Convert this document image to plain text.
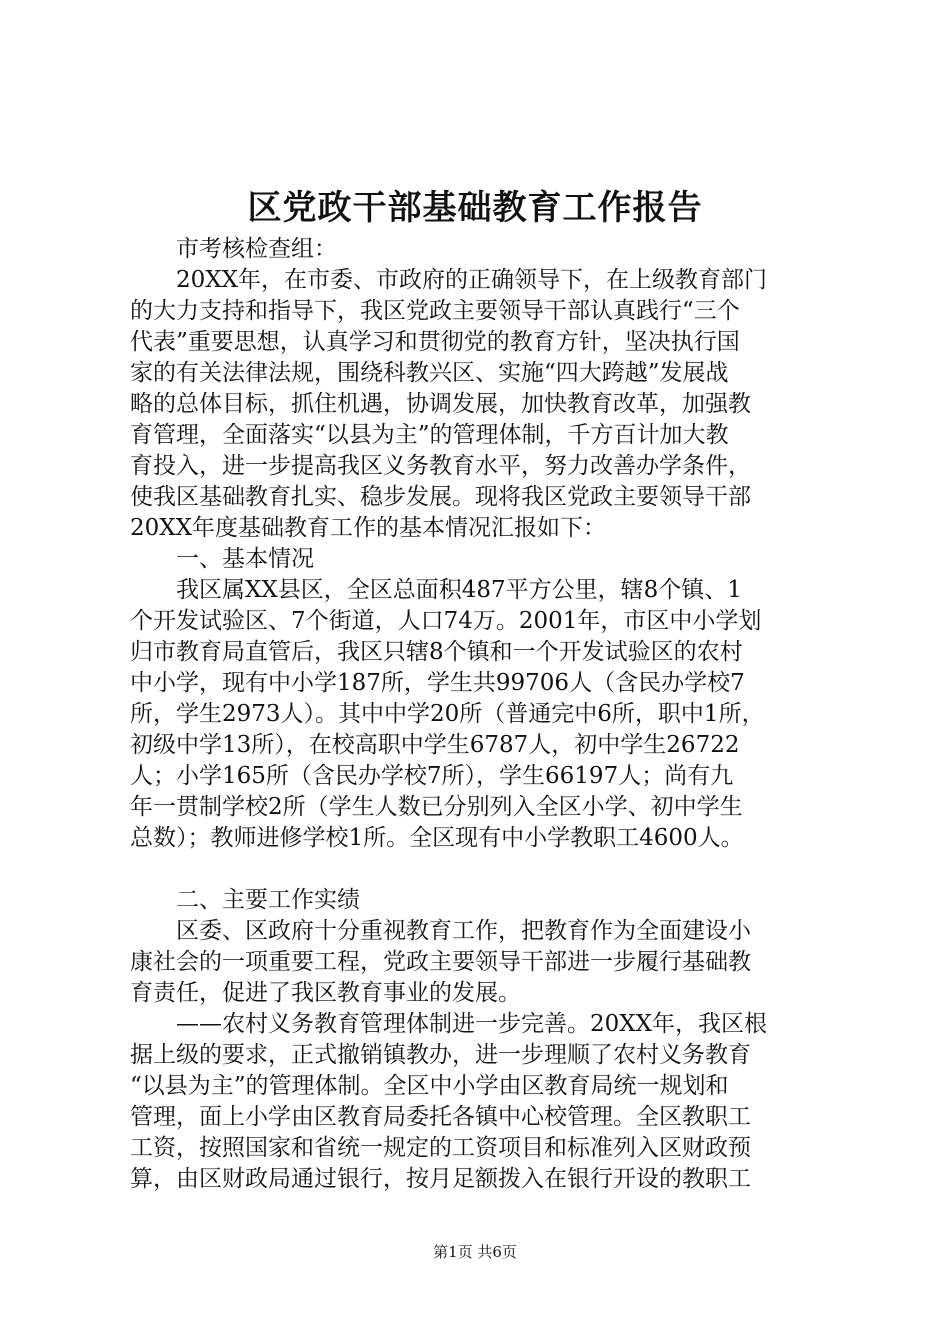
区党政干部基础教育工作报告
　　市考核检查组：
　　20XX年，在市委、市政府的正确领导下，在上级教育部门
的大力支持和指导下，我区党政主要领导干部认真践行“三个
代表”重要思想，认真学习和贯彻党的教育方针，坚决执行国
家的有关法律法规，围绕科教兴区、实施“四大跨越”发展战
略的总体目标，抓住机遇，协调发展，加快教育改革，加强教
育管理，全面落实“以县为主”的管理体制，千方百计加大教
育投入，进一步提高我区义务教育水平，努力改善办学条件，
使我区基础教育扎实、稳步发展。现将我区党政主要领导干部
20XX年度基础教育工作的基本情况汇报如下：
　　一、基本情况
　　我区属XX县区，全区总面积487平方公里，辖8个镇、1
个开发试验区、7个街道，人口74万。2001年，市区中小学划
归市教育局直管后，我区只辖8个镇和一个开发试验区的农村
中小学，现有中小学187所，学生共99706人（含民办学校7
所，学生2973人）。其中中学20所（普通完中6所，职中1所，
初级中学13所），在校高职中学生6787人，初中学生26722
人；小学165所（含民办学校7所），学生66197人；尚有九
年一贯制学校2所（学生人数已分别列入全区小学、初中学生
总数）；教师进修学校1所。全区现有中小学教职工4600人。
　　二、主要工作实绩
　　区委、区政府十分重视教育工作，把教育作为全面建设小
康社会的一项重要工程，党政主要领导干部进一步履行基础教
育责任，促进了我区教育事业的发展。
　　——农村义务教育管理体制进一步完善。20XX年，我区根
据上级的要求，正式撤销镇教办，进一步理顺了农村义务教育
“以县为主”的管理体制。全区中小学由区教育局统一规划和
管理，面上小学由区教育局委托各镇中心校管理。全区教职工
工资，按照国家和省统一规定的工资项目和标准列入区财政预
算，由区财政局通过银行，按月足额拨入在银行开设的教职工
第1页 共6页
